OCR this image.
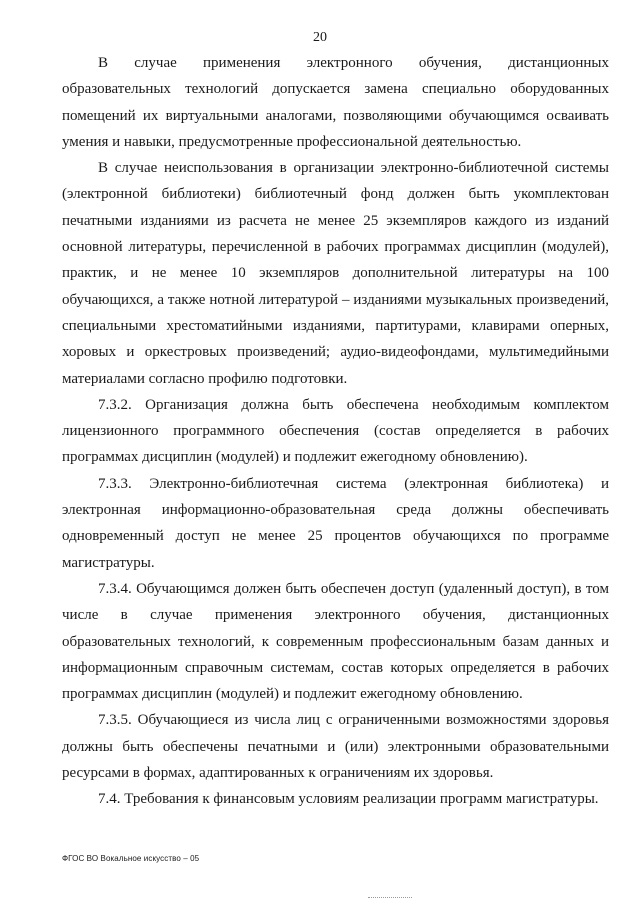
20

В случае применения электронного обучения, дистанционных образовательных технологий допускается замена специально оборудованных помещений их виртуальными аналогами, позволяющими обучающимся осваивать умения и навыки, предусмотренные профессиональной деятельностью.

В случае неиспользования в организации электронно-библиотечной системы (электронной библиотеки) библиотечный фонд должен быть укомплектован печатными изданиями из расчета не менее 25 экземпляров каждого из изданий основной литературы, перечисленной в рабочих программах дисциплин (модулей), практик, и не менее 10 экземпляров дополнительной литературы на 100 обучающихся, а также нотной литературой – изданиями музыкальных произведений, специальными хрестоматийными изданиями, партитурами, клавирами оперных, хоровых и оркестровых произведений; аудио-видеофондами, мультимедийными материалами согласно профилю подготовки.

7.3.2. Организация должна быть обеспечена необходимым комплектом лицензионного программного обеспечения (состав определяется в рабочих программах дисциплин (модулей) и подлежит ежегодному обновлению).

7.3.3. Электронно-библиотечная система (электронная библиотека) и электронная информационно-образовательная среда должны обеспечивать одновременный доступ не менее 25 процентов обучающихся по программе магистратуры.

7.3.4. Обучающимся должен быть обеспечен доступ (удаленный доступ), в том числе в случае применения электронного обучения, дистанционных образовательных технологий, к современным профессиональным базам данных и информационным справочным системам, состав которых определяется в рабочих программах дисциплин (модулей) и подлежит ежегодному обновлению.

7.3.5. Обучающиеся из числа лиц с ограниченными возможностями здоровья должны быть обеспечены печатными и (или) электронными образовательными ресурсами в формах, адаптированных к ограничениям их здоровья.

7.4. Требования к финансовым условиям реализации программ магистратуры.

ФГОС ВО Вокальное искусство – 05
